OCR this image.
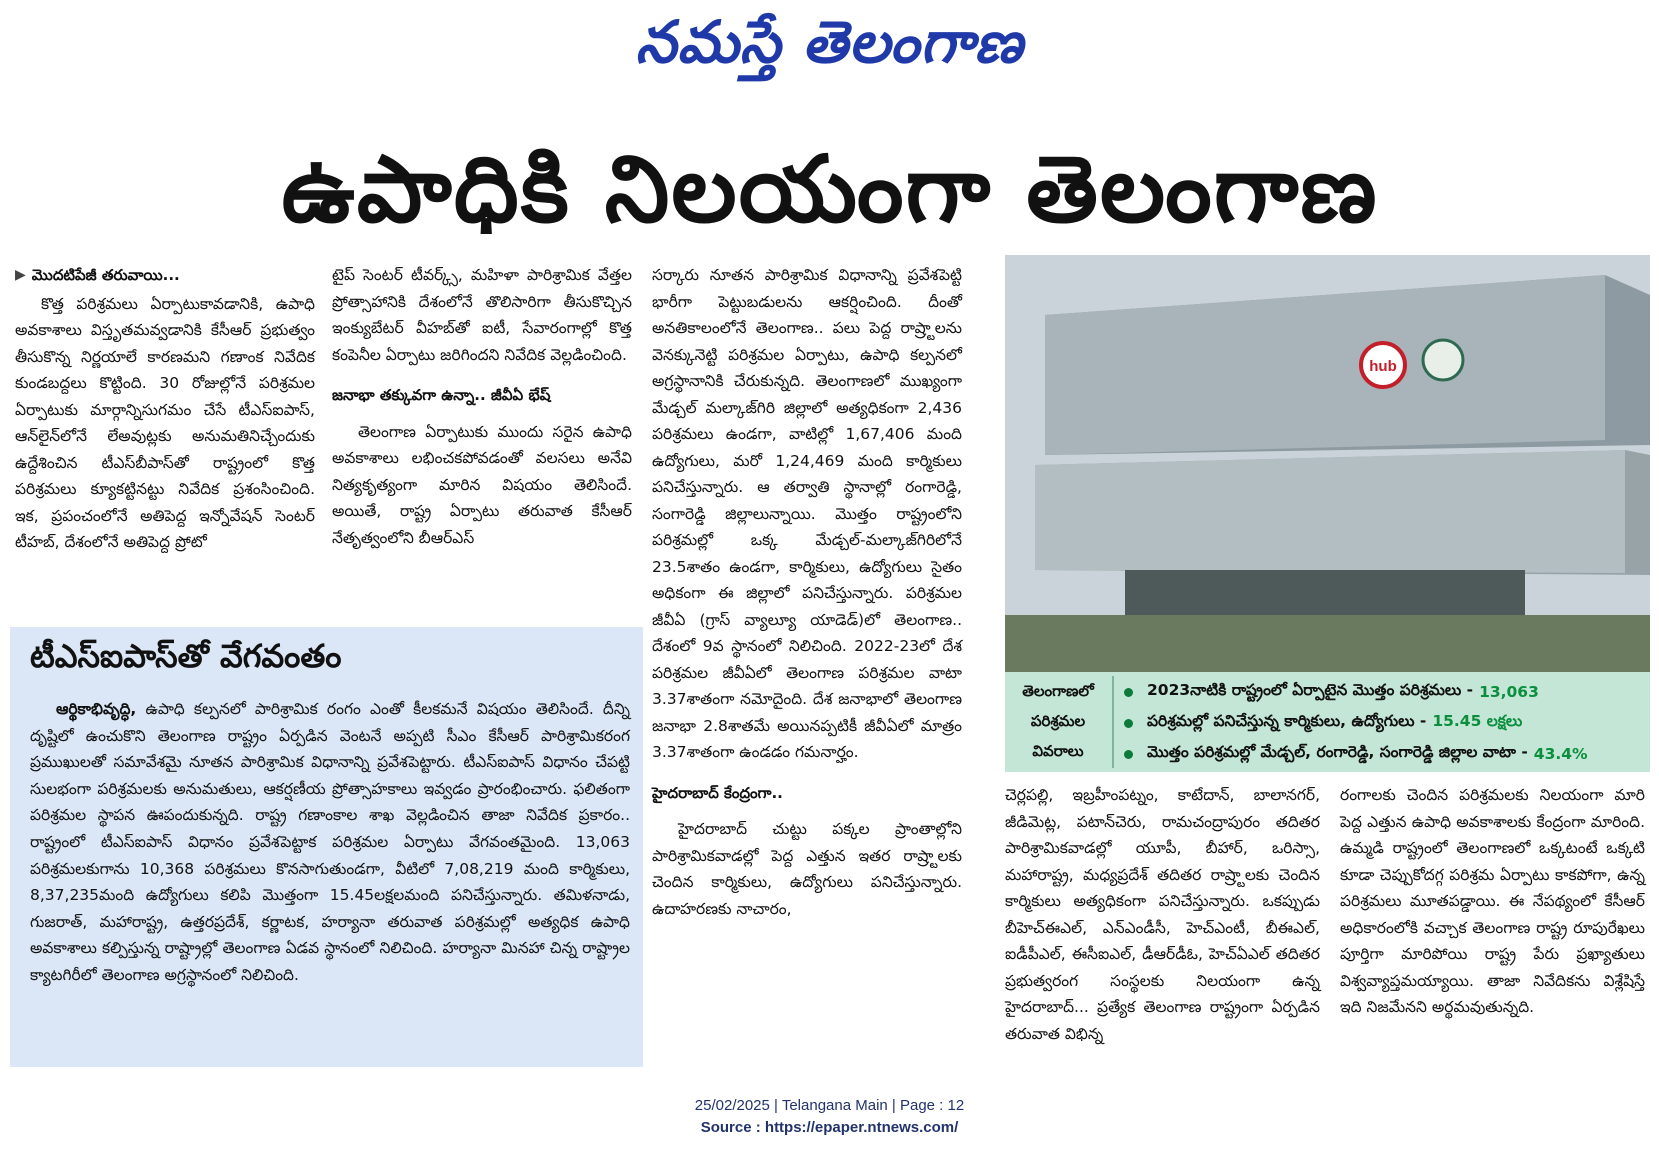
నమస్తే తెలంగాణ
ఉపాధికి నిలయంగా తెలంగాణ
▶ మొదటిపేజీ తరువాయి...

కొత్త పరిశ్రమలు ఏర్పాటుకావడానికి, ఉపాధి అవకాశాలు విస్తృతమవ్వడానికి కేసీఆర్ ప్రభుత్వం తీసుకొన్న నిర్ణయాలే కారణమని గణాంక నివేదిక కుండబద్దలు కొట్టింది. 30 రోజుల్లోనే పరిశ్రమల ఏర్పాటుకు మార్గాన్నిసుగమం చేసే టీఎస్‌ఐపాస్, ఆన్‌లైన్‌లోనే లేఅవుట్లకు అనుమతినిచ్చేందుకు ఉద్దేశించిన టీఎస్‌బీపాస్‌తో రాష్ట్రంలో కొత్త పరిశ్రమలు క్యూకట్టినట్టు నివేదిక ప్రశంసించింది. ఇక, ప్రపంచంలోనే అతిపెద్ద ఇన్నోవేషన్ సెంటర్ టీహబ్, దేశంలోనే అతిపెద్ద ప్రోటో

టైప్ సెంటర్ టీవర్క్స్, మహిళా పారిశ్రామిక వేత్తల ప్రోత్సాహానికి దేశంలోనే తొలిసారిగా తీసుకొచ్చిన ఇంక్యుబేటర్ వీహబ్‌తో ఐటీ, సేవారంగాల్లో కొత్త కంపెనీల ఏర్పాటు జరిగిందని నివేదిక వెల్లడించింది.

జనాభా తక్కువగా ఉన్నా.. జీవీఏ భేష్

తెలంగాణ ఏర్పాటుకు ముందు సరైన ఉపాధి అవకాశాలు లభించకపోవడంతో వలసలు అనేవి నిత్యకృత్యంగా మారిన విషయం తెలిసిందే. అయితే, రాష్ట్ర ఏర్పాటు తరువాత కేసీఆర్ నేతృత్వంలోని బీఆర్‌ఎస్

సర్కారు నూతన పారిశ్రామిక విధానాన్ని ప్రవేశపెట్టి భారీగా పెట్టుబడులను ఆకర్షించింది. దీంతో అనతికాలంలోనే తెలంగాణ.. పలు పెద్ద రాష్ర్టాలను వెనక్కునెట్టి పరిశ్రమల ఏర్పాటు, ఉపాధి కల్పనలో అగ్రస్థానానికి చేరుకున్నది. తెలంగాణలో ముఖ్యంగా మేడ్చల్ మల్కాజ్‌గిరి జిల్లాలో అత్యధికంగా 2,436 పరిశ్రమలు ఉండగా, వాటిల్లో 1,67,406 మంది ఉద్యోగులు, మరో 1,24,469 మంది కార్మికులు పనిచేస్తున్నారు. ఆ తర్వాతి స్థానాల్లో రంగారెడ్డి, సంగారెడ్డి జిల్లాలున్నాయి. మొత్తం రాష్ట్రంలోని పరిశ్రమల్లో ఒక్క మేడ్చల్-మల్కాజ్‌గిరిలోనే 23.5శాతం ఉండగా, కార్మికులు, ఉద్యోగులు సైతం అధికంగా ఈ జిల్లాలో పనిచేస్తున్నారు. పరిశ్రమల జీవీఏ (గ్రాస్ వ్యాల్యూ యాడెడ్)లో తెలంగాణ.. దేశంలో 9వ స్థానంలో నిలిచింది. 2022-23లో దేశ పరిశ్రమల జీవీఏలో తెలంగాణ పరిశ్రమల వాటా 3.37శాతంగా నమోదైంది. దేశ జనాభాలో తెలంగాణ జనాభా 2.8శాతమే అయినప్పటికీ జీవీఏలో మాత్రం 3.37శాతంగా ఉండడం గమనార్హం.

హైదరాబాద్ కేంద్రంగా..

హైదరాబాద్ చుట్టు పక్కల ప్రాంతాల్లోని పారిశ్రామికవాడల్లో పెద్ద ఎత్తున ఇతర రాష్ర్టాలకు చెందిన కార్మికులు, ఉద్యోగులు పనిచేస్తున్నారు. ఉదాహరణకు నాచారం,

hub
తెలంగాణలో
పరిశ్రమల
వివరాలు
2023నాటికి రాష్ట్రంలో ఏర్పాటైన మొత్తం పరిశ్రమలు - 13,063
పరిశ్రమల్లో పనిచేస్తున్న కార్మికులు, ఉద్యోగులు - 15.45 లక్షలు
మొత్తం పరిశ్రమల్లో మేడ్చల్, రంగారెడ్డి, సంగారెడ్డి జిల్లాల వాటా - 43.4%

చెర్లపల్లి, ఇబ్రహీంపట్నం, కాటేదాన్, బాలానగర్, జీడిమెట్ల, పటాన్‌చెరు, రామచంద్రాపురం తదితర పారిశ్రామికవాడల్లో యూపీ, బీహార్, ఒరిస్సా, మహారాష్ట్ర, మధ్యప్రదేశ్ తదితర రాష్ర్టాలకు చెందిన కార్మికులు అత్యధికంగా పనిచేస్తున్నారు. ఒకప్పుడు బీహెచ్ఈఎల్, ఎన్‌ఎండీసీ, హెచ్ఎంటీ, బీఈఎల్, ఐడీపీఎల్, ఈసీఐఎల్, డీఆర్‌డీఓ, హెచ్ఏఎల్ తదితర ప్రభుత్వరంగ సంస్థలకు నిలయంగా ఉన్న హైదరాబాద్... ప్రత్యేక తెలంగాణ రాష్ట్రంగా ఏర్పడిన తరువాత విభిన్న

రంగాలకు చెందిన పరిశ్రమలకు నిలయంగా మారి పెద్ద ఎత్తున ఉపాధి అవకాశాలకు కేంద్రంగా మారింది. ఉమ్మడి రాష్ట్రంలో తెలంగాణలో ఒక్కటంటే ఒక్కటి కూడా చెప్పుకోదగ్గ పరిశ్రమ ఏర్పాటు కాకపోగా, ఉన్న పరిశ్రమలు మూతపడ్డాయి. ఈ నేపథ్యంలో కేసీఆర్ అధికారంలోకి వచ్చాక తెలంగాణ రాష్ట్ర రూపురేఖలు పూర్తిగా మారిపోయి రాష్ట్ర పేరు ప్రఖ్యాతులు విశ్వవ్యాప్తమయ్యాయి. తాజా నివేదికను విశ్లేషిస్తే ఇది నిజమేనని అర్థమవుతున్నది.

టీఎస్‌ఐపాస్‌తో వేగవంతం

ఆర్థికాభివృద్ధి, ఉపాధి కల్పనలో పారిశ్రామిక రంగం ఎంతో కీలకమనే విషయం తెలిసిందే. దీన్ని దృష్టిలో ఉంచుకొని తెలంగాణ రాష్ట్రం ఏర్పడిన వెంటనే అప్పటి సీఎం కేసీఆర్ పారిశ్రామికరంగ ప్రముఖులతో సమావేశమై నూతన పారిశ్రామిక విధానాన్ని ప్రవేశపెట్టారు. టీఎస్‌ఐపాస్ విధానం చేపట్టి సులభంగా పరిశ్రమలకు అనుమతులు, ఆకర్షణీయ ప్రోత్సాహకాలు ఇవ్వడం ప్రారంభించారు. ఫలితంగా పరిశ్రమల స్థాపన ఊపందుకున్నది. రాష్ట్ర గణాంకాల శాఖ వెల్లడించిన తాజా నివేదిక ప్రకారం.. రాష్ట్రంలో టీఎస్‌ఐపాస్ విధానం ప్రవేశపెట్టాక పరిశ్రమల ఏర్పాటు వేగవంతమైంది. 13,063 పరిశ్రమలకుగాను 10,368 పరిశ్రమలు కొనసాగుతుండగా, వీటిలో 7,08,219 మంది కార్మికులు, 8,37,235మంది ఉద్యోగులు కలిపి మొత్తంగా 15.45లక్షలమంది పనిచేస్తున్నారు. తమిళనాడు, గుజరాత్, మహారాష్ట్ర, ఉత్తరప్రదేశ్, కర్ణాటక, హర్యానా తరువాత పరిశ్రమల్లో అత్యధిక ఉపాధి అవకాశాలు కల్పిస్తున్న రాష్ట్రాల్లో తెలంగాణ ఏడవ స్థానంలో నిలిచింది. హర్యానా మినహా చిన్న రాష్ట్రాల క్యాటగిరీలో తెలంగాణ అగ్రస్థానంలో నిలిచింది.

25/02/2025 | Telangana Main | Page : 12
Source : https://epaper.ntnews.com/
